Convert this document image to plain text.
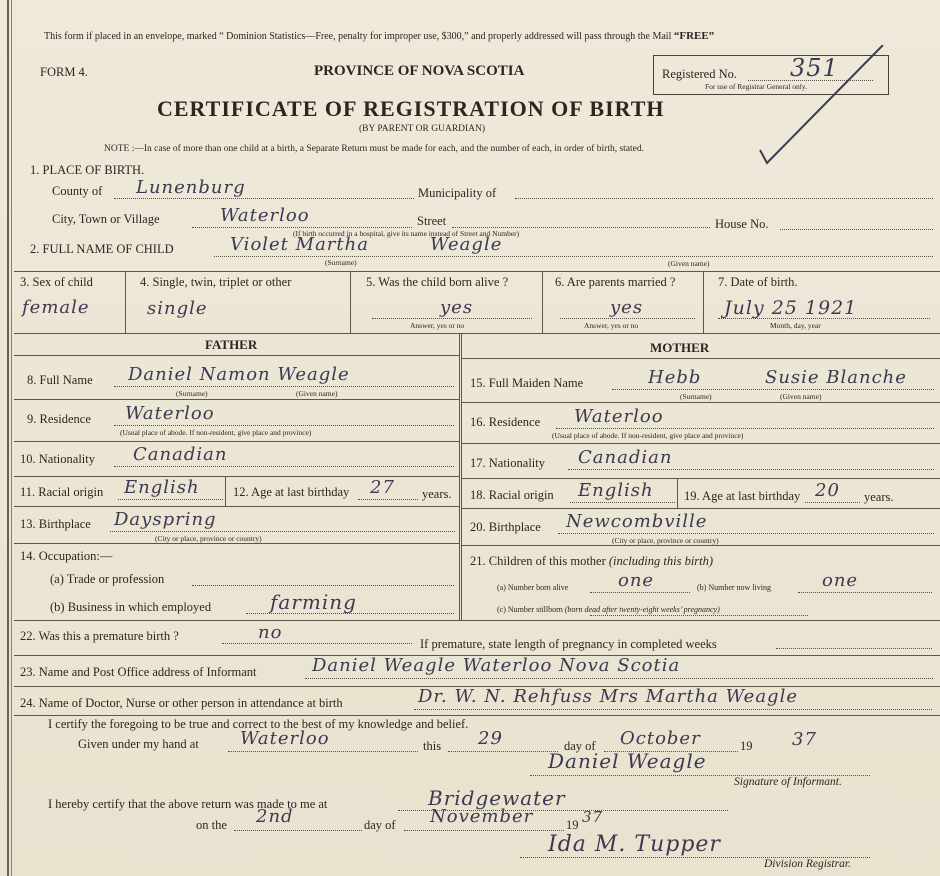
This form if placed in an envelope, marked “ Dominion Statistics—Free, penalty for improper use, $300,” and properly addressed will pass through the Mail “FREE”
FORM 4.	PROVINCE OF NOVA SCOTIA	Registered No. 351
For use of Registrar General only.
CERTIFICATE OF REGISTRATION OF BIRTH
(BY PARENT OR GUARDIAN)
NOTE :—In case of more than one child at a birth, a Separate Return must be made for each, and the number of each, in order of birth, stated.
1. PLACE OF BIRTH.
County of Lunenburg	Municipality of
City, Town or Village	Waterloo	Street
(If birth occurred in a hospital, give its name instead of Street and Number)
House No.
2. FULL NAME OF CHILD	Violet Martha	Weagle
(Surname)	(Given name)
3. Sex of child
female
4. Single, twin, triplet or other
single
5. Was the child born alive ?
yes
Answer, yes or no
6. Are parents married ?
yes
Answer, yes or no
7. Date of birth.
July 25 1921
Month, day, year
FATHER
8. Full Name Daniel Namon Weagle
(Surname)	(Given name)
9. Residence Waterloo
(Usual place of abode. If non-resident, give place and province)
10. Nationality Canadian
11. Racial origin English	12. Age at last birthday 27 years.
13. Birthplace Dayspring
(City or place, province or country)
14. Occupation:—
(a) Trade or profession
(b) Business in which employed	farming
MOTHER
15. Full Maiden Name	Hebb	Susie Blanche
(Surname)	(Given name)
16. Residence Waterloo
(Usual place of abode. If non-resident, give place and province)
17. Nationality Canadian
18. Racial origin English 19. Age at last birthday 20 years.
20. Birthplace Newcombville
(City or place, province or country)
21. Children of this mother (including this birth)
(a) Number born alive	one	(b) Number now living	one
(c) Number stillborn (born dead after twenty-eight weeks’ pregnancy)
22. Was this a premature birth ?	no
If premature, state length of pregnancy in completed weeks
23. Name and Post Office address of Informant	Daniel Weagle Waterloo Nova Scotia
24. Name of Doctor, Nurse or other person in attendance at birth	Dr. W. N. Rehfuss Mrs Martha Weagle
I certify the foregoing to be true and correct to the best of my knowledge and belief.
Given under my hand at Waterloo	this 29	day of October	19 37
Daniel Weagle
Signature of Informant.
I hereby certify that the above return was made to me at	Bridgewater
on the 2nd	day of November	19 37
Ida M. Tupper
Division Registrar.
